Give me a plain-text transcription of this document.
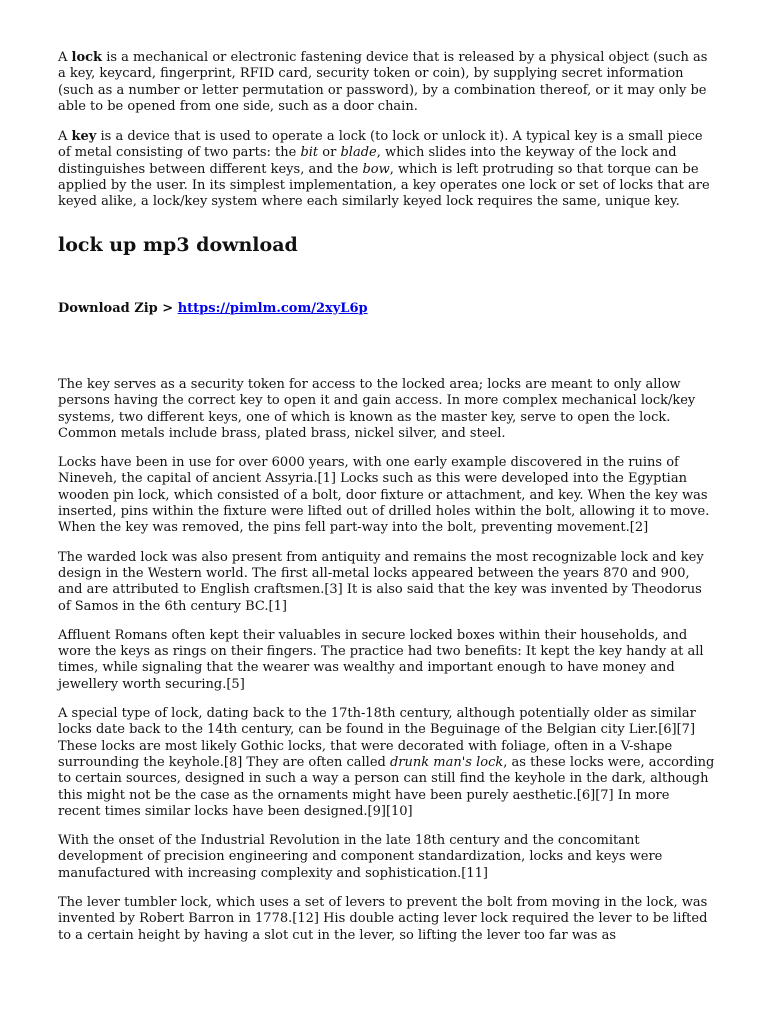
A lock is a mechanical or electronic fastening device that is released by a physical object (such as a key, keycard, fingerprint, RFID card, security token or coin), by supplying secret information (such as a number or letter permutation or password), by a combination thereof, or it may only be able to be opened from one side, such as a door chain.

A key is a device that is used to operate a lock (to lock or unlock it). A typical key is a small piece of metal consisting of two parts: the bit or blade, which slides into the keyway of the lock and distinguishes between different keys, and the bow, which is left protruding so that torque can be applied by the user. In its simplest implementation, a key operates one lock or set of locks that are keyed alike, a lock/key system where each similarly keyed lock requires the same, unique key.

lock up mp3 download

Download Zip > https://pimlm.com/2xyL6p

The key serves as a security token for access to the locked area; locks are meant to only allow persons having the correct key to open it and gain access. In more complex mechanical lock/key systems, two different keys, one of which is known as the master key, serve to open the lock. Common metals include brass, plated brass, nickel silver, and steel.

Locks have been in use for over 6000 years, with one early example discovered in the ruins of Nineveh, the capital of ancient Assyria.[1] Locks such as this were developed into the Egyptian wooden pin lock, which consisted of a bolt, door fixture or attachment, and key. When the key was inserted, pins within the fixture were lifted out of drilled holes within the bolt, allowing it to move. When the key was removed, the pins fell part-way into the bolt, preventing movement.[2]

The warded lock was also present from antiquity and remains the most recognizable lock and key design in the Western world. The first all-metal locks appeared between the years 870 and 900, and are attributed to English craftsmen.[3] It is also said that the key was invented by Theodorus of Samos in the 6th century BC.[1]

Affluent Romans often kept their valuables in secure locked boxes within their households, and wore the keys as rings on their fingers. The practice had two benefits: It kept the key handy at all times, while signaling that the wearer was wealthy and important enough to have money and jewellery worth securing.[5]

A special type of lock, dating back to the 17th-18th century, although potentially older as similar locks date back to the 14th century, can be found in the Beguinage of the Belgian city Lier.[6][7] These locks are most likely Gothic locks, that were decorated with foliage, often in a V-shape surrounding the keyhole.[8] They are often called drunk man's lock, as these locks were, according to certain sources, designed in such a way a person can still find the keyhole in the dark, although this might not be the case as the ornaments might have been purely aesthetic.[6][7] In more recent times similar locks have been designed.[9][10]

With the onset of the Industrial Revolution in the late 18th century and the concomitant development of precision engineering and component standardization, locks and keys were manufactured with increasing complexity and sophistication.[11]

The lever tumbler lock, which uses a set of levers to prevent the bolt from moving in the lock, was invented by Robert Barron in 1778.[12] His double acting lever lock required the lever to be lifted to a certain height by having a slot cut in the lever, so lifting the lever too far was as
